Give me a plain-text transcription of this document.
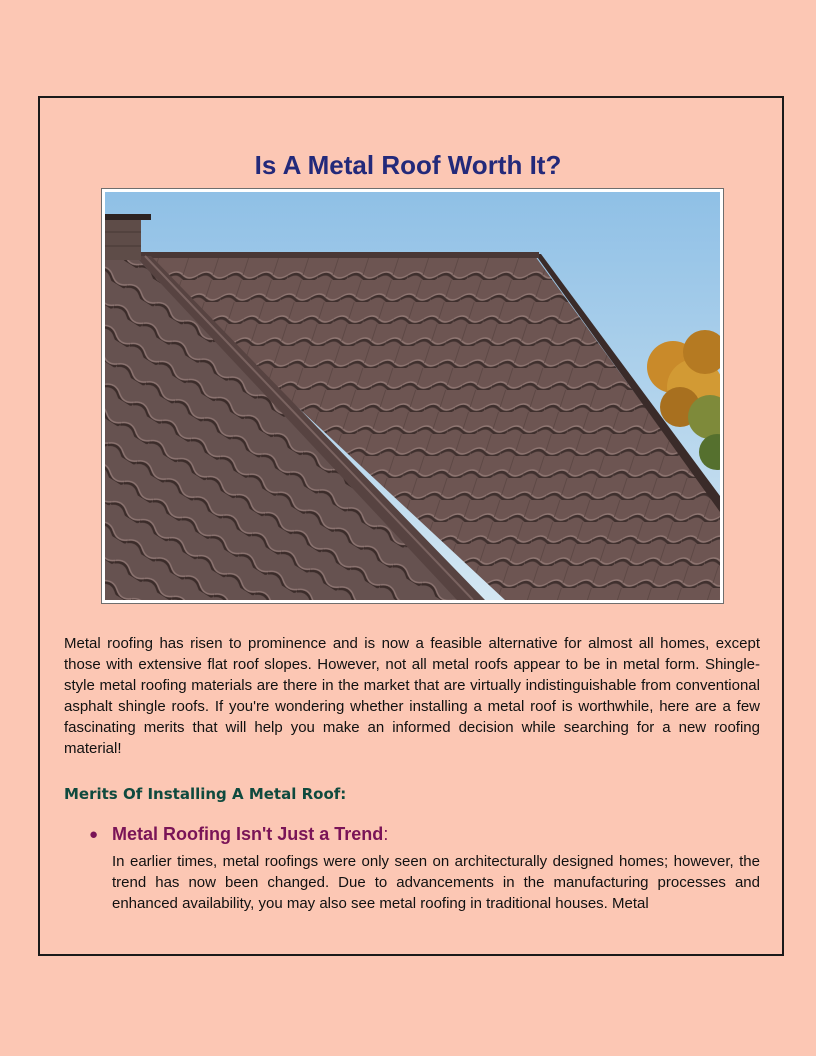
Is A Metal Roof Worth It?

Metal roofing has risen to prominence and is now a feasible alternative for almost all homes, except those with extensive flat roof slopes. However, not all metal roofs appear to be in metal form. Shingle-style metal roofing materials are there in the market that are virtually indistinguishable from conventional asphalt shingle roofs. If you're wondering whether installing a metal roof is worthwhile, here are a few fascinating merits that will help you make an informed decision while searching for a new roofing material!

Merits Of Installing A Metal Roof:
● Metal Roofing Isn't Just a Trend:

In earlier times, metal roofings were only seen on architecturally designed homes; however, the trend has now been changed. Due to advancements in the manufacturing processes and enhanced availability, you may also see metal roofing in traditional houses. Metal
